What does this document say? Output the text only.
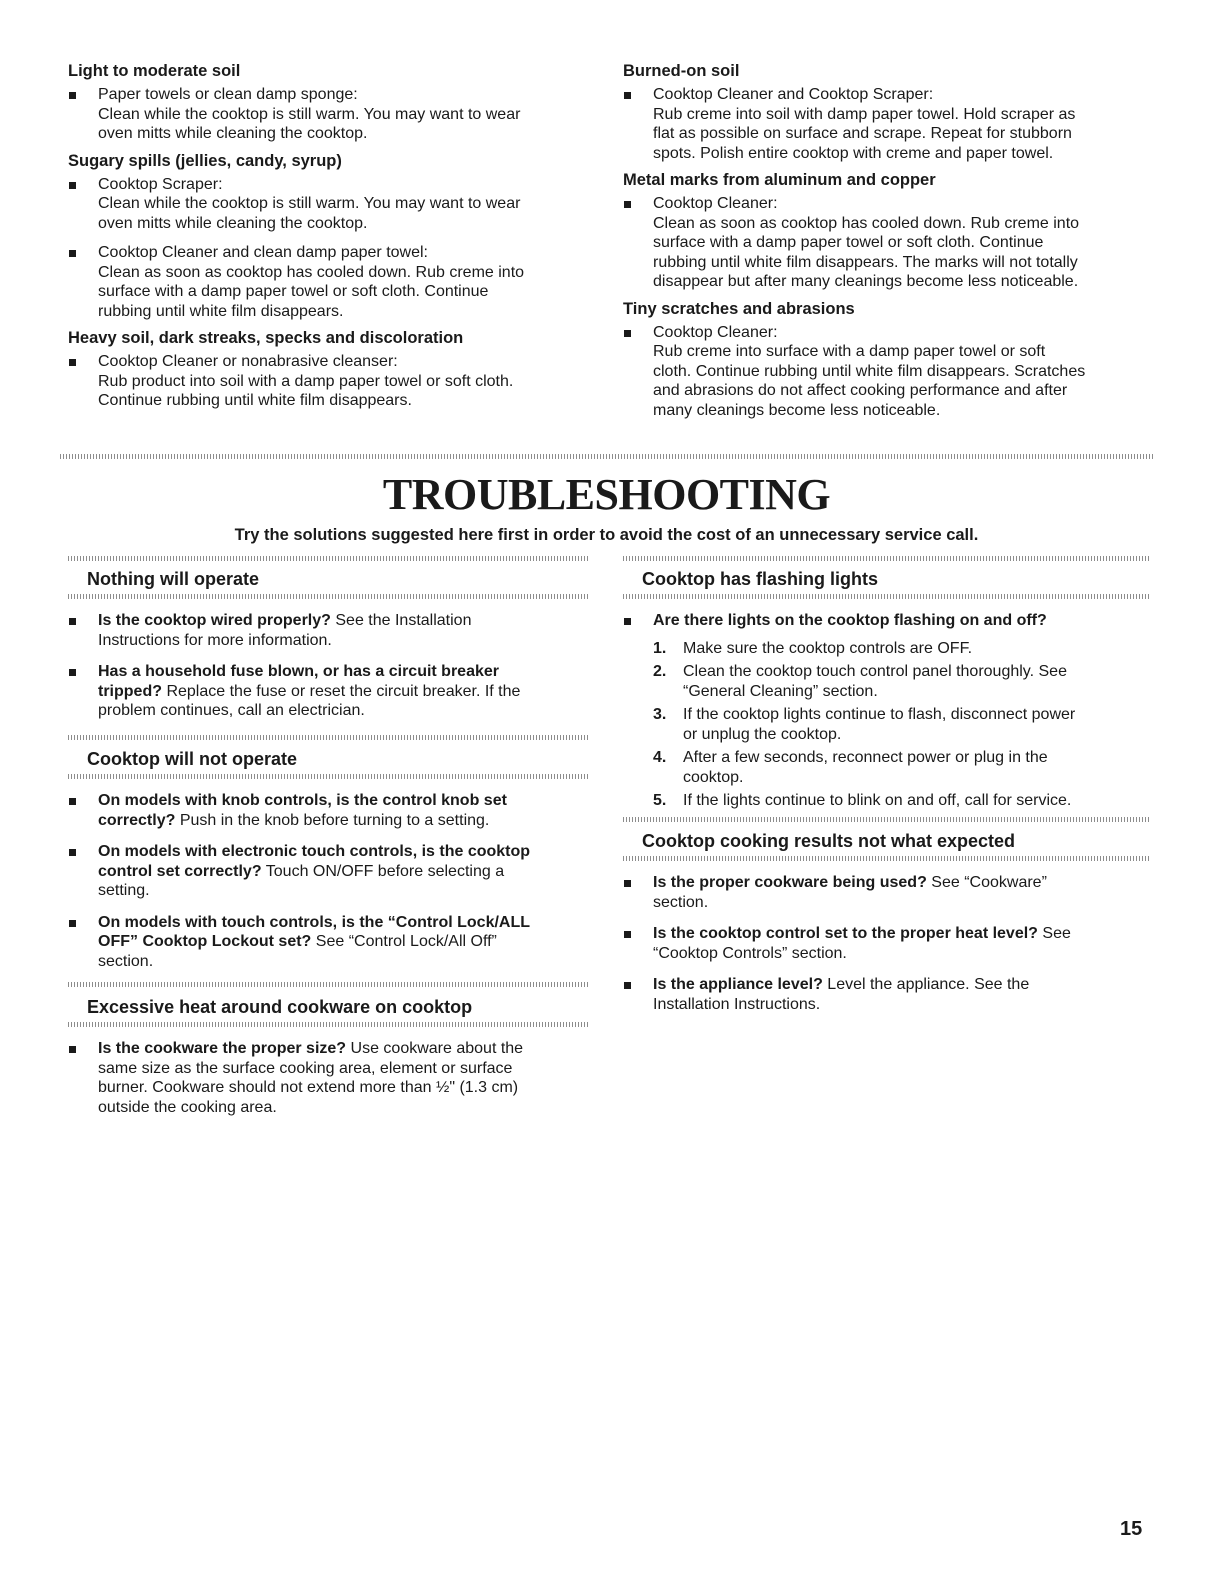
Light to moderate soil
Paper towels or clean damp sponge:
Clean while the cooktop is still warm. You may want to wear
oven mitts while cleaning the cooktop.
Sugary spills (jellies, candy, syrup)
Cooktop Scraper:
Clean while the cooktop is still warm. You may want to wear
oven mitts while cleaning the cooktop.
Cooktop Cleaner and clean damp paper towel:
Clean as soon as cooktop has cooled down. Rub creme into
surface with a damp paper towel or soft cloth. Continue
rubbing until white film disappears.
Heavy soil, dark streaks, specks and discoloration
Cooktop Cleaner or nonabrasive cleanser:
Rub product into soil with a damp paper towel or soft cloth.
Continue rubbing until white film disappears.
Burned-on soil
Cooktop Cleaner and Cooktop Scraper:
Rub creme into soil with damp paper towel. Hold scraper as
flat as possible on surface and scrape. Repeat for stubborn
spots. Polish entire cooktop with creme and paper towel.
Metal marks from aluminum and copper
Cooktop Cleaner:
Clean as soon as cooktop has cooled down. Rub creme into
surface with a damp paper towel or soft cloth. Continue
rubbing until white film disappears. The marks will not totally
disappear but after many cleanings become less noticeable.
Tiny scratches and abrasions
Cooktop Cleaner:
Rub creme into surface with a damp paper towel or soft
cloth. Continue rubbing until white film disappears. Scratches
and abrasions do not affect cooking performance and after
many cleanings become less noticeable.
TROUBLESHOOTING
Try the solutions suggested here first in order to avoid the cost of an unnecessary service call.
Nothing will operate
Is the cooktop wired properly? See the Installation
Instructions for more information.
Has a household fuse blown, or has a circuit breaker
tripped? Replace the fuse or reset the circuit breaker. If the
problem continues, call an electrician.
Cooktop will not operate
On models with knob controls, is the control knob set
correctly? Push in the knob before turning to a setting.
On models with electronic touch controls, is the cooktop
control set correctly? Touch ON/OFF before selecting a
setting.
On models with touch controls, is the “Control Lock/ALL
OFF” Cooktop Lockout set? See “Control Lock/All Off”
section.
Excessive heat around cookware on cooktop
Is the cookware the proper size? Use cookware about the
same size as the surface cooking area, element or surface
burner. Cookware should not extend more than ½" (1.3 cm)
outside the cooking area.
Cooktop has flashing lights
Are there lights on the cooktop flashing on and off?
1. Make sure the cooktop controls are OFF.
2. Clean the cooktop touch control panel thoroughly. See
“General Cleaning” section.
3. If the cooktop lights continue to flash, disconnect power
or unplug the cooktop.
4. After a few seconds, reconnect power or plug in the
cooktop.
5. If the lights continue to blink on and off, call for service.
Cooktop cooking results not what expected
Is the proper cookware being used? See “Cookware”
section.
Is the cooktop control set to the proper heat level? See
“Cooktop Controls” section.
Is the appliance level? Level the appliance. See the
Installation Instructions.
15
